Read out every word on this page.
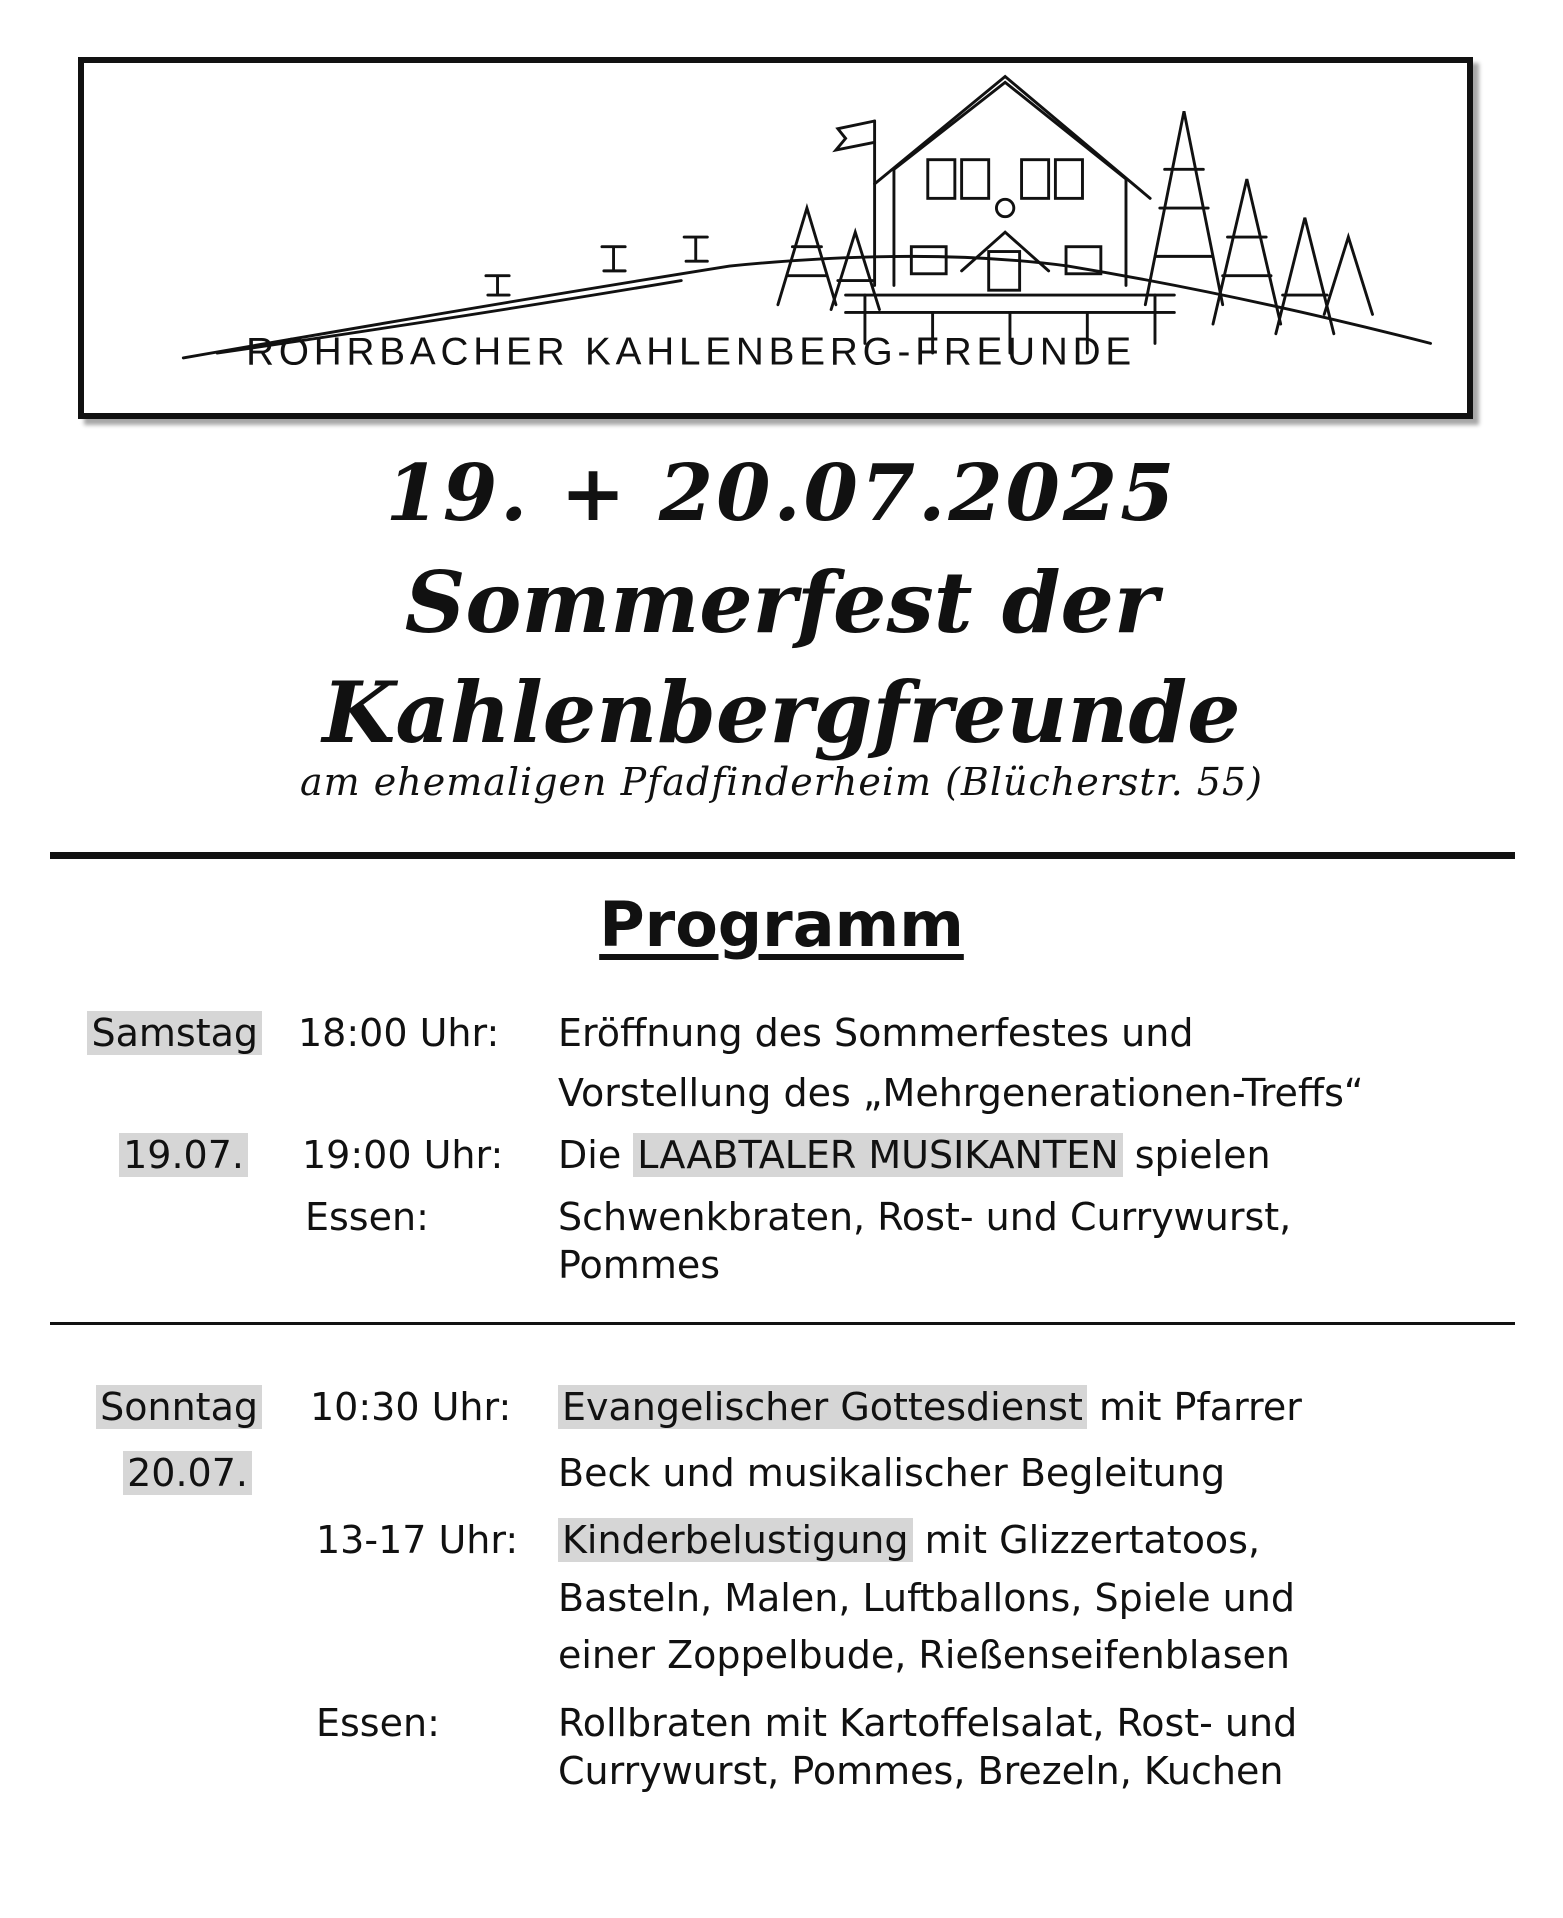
ROHRBACHER KAHLENBERG-FREUNDE
19. + 20.07.2025
Sommerfest der
Kahlenbergfreunde
am ehemaligen Pfadfinderheim (Blücherstr. 55)
Programm
Samstag 18:00 Uhr: Eröffnung des Sommerfestes und
Vorstellung des „Mehrgenerationen-Treffs“
19.07. 19:00 Uhr: Die LAABTALER MUSIKANTEN spielen
Essen:	Schwenkbraten, Rost- und Currywurst,
Pommes
Sonntag 10:30 Uhr: Evangelischer Gottesdienst mit Pfarrer
20.07.	Beck und musikalischer Begleitung
13-17 Uhr: Kinderbelustigung mit Glizzertatoos,
Basteln, Malen, Luftballons, Spiele und
einer Zoppelbude, Rießenseifenblasen
Essen:	Rollbraten mit Kartoffelsalat, Rost- und
Currywurst, Pommes, Brezeln, Kuchen
